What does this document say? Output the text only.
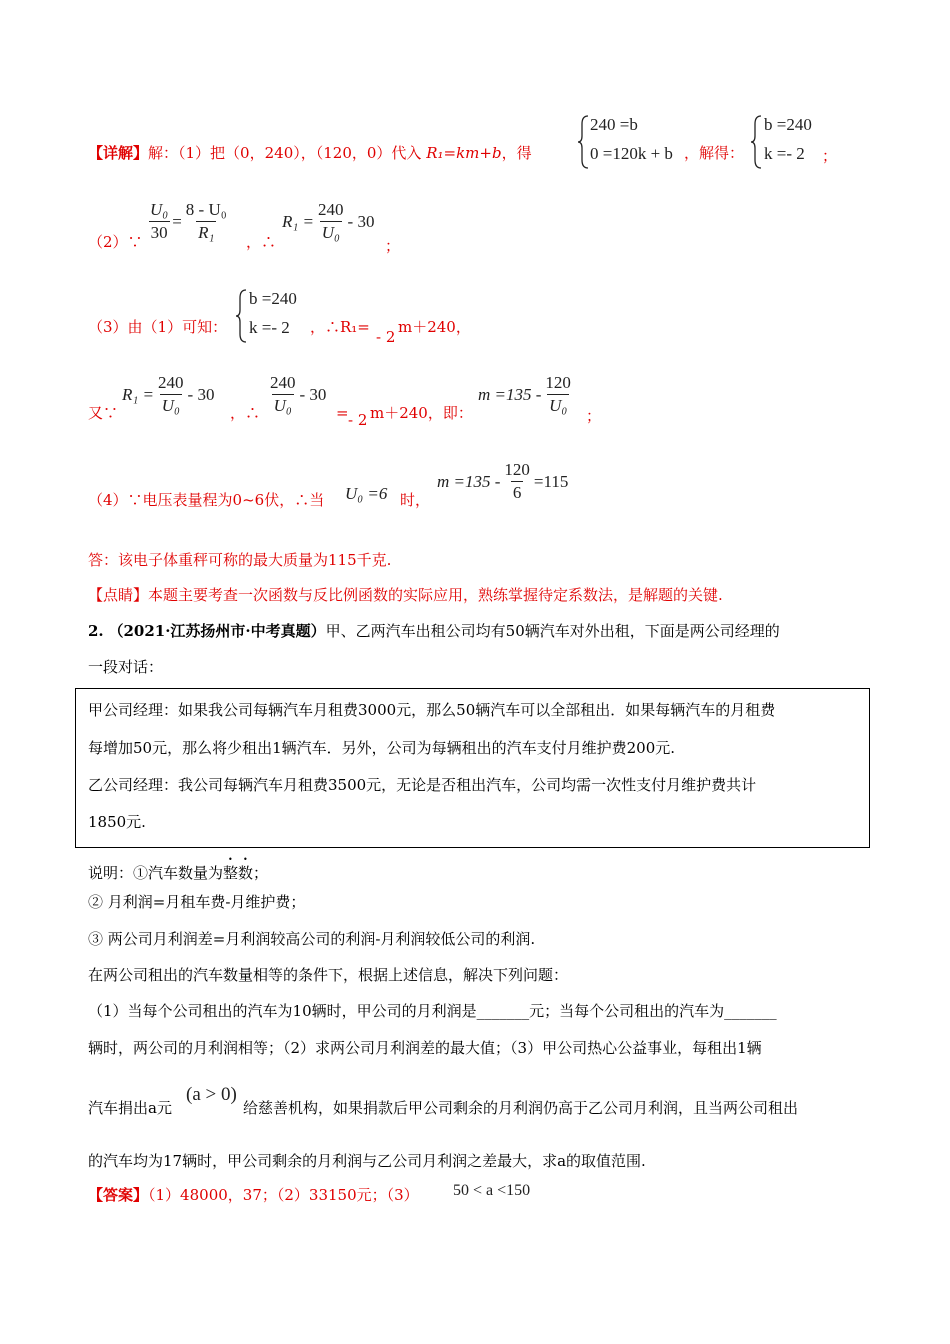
【详解】解：（1）把（0，240），（120，0）代入 R₁=km+b，得
240 =b
0 =120k + b ，解得：
b =240
k =- 2 ；
（2）∵ $\frac{\text{U₀}}{30} = \frac{\text{8 - U₀}}{\text{R₁}}$ ，∴
$R_1 = \frac{240}{\text{U₀}} - 30$
；
（3）由（1）可知：
b =240
k =- 2 ，∴R₁=
- 2
m＋240，
又∵
$R_1 = \frac{240}{\text{U₀}} - 30$
，∴ $\frac{240}{\text{U₀}} - 30$
= - 2 m＋240，即：
$m =135 - \frac{120}{\text{U₀}}$ ；
（4）∵电压表量程为0~6伏，∴当 U₀ =6 时，
$m =135 - \frac{120}{6} =115$
答：该电子体重秤可称的最大质量为115千克.
【点睛】本题主要考查一次函数与反比例函数的实际应用，熟练掌握待定系数法，是解题的关键.
2. （2021·江苏扬州市·中考真题）甲、乙两汽车出租公司均有50辆汽车对外出租，下面是两公司经理的
一段对话：
甲公司经理：如果我公司每辆汽车月租费3000元，那么50辆汽车可以全部租出．如果每辆汽车的月租费
每增加50元，那么将少租出1辆汽车．另外，公司为每辆租出的汽车支付月维护费200元.
乙公司经理：我公司每辆汽车月租费3500元，无论是否租出汽车，公司均需一次性支付月维护费共计
1850元.
说明：①汽车数量为整数；
② 月利润=月租车费-月维护费；
③ 两公司月利润差=月利润较高公司的利润-月利润较低公司的利润.
在两公司租出的汽车数量相等的条件下，根据上述信息，解决下列问题：
（1）当每个公司租出的汽车为10辆时，甲公司的月利润是_______元；当每个公司租出的汽车为_______
辆时，两公司的月利润相等；（2）求两公司月利润差的最大值；（3）甲公司热心公益事业，每租出1辆
汽车捐出a元
(a > 0)
给慈善机构，如果捐款后甲公司剩余的月利润仍高于乙公司月利润，且当两公司租出
的汽车均为17辆时，甲公司剩余的月利润与乙公司月利润之差最大，求a的取值范围.
【答案】（1）48000，37；（2）33150元；（3） 50 < a <150
